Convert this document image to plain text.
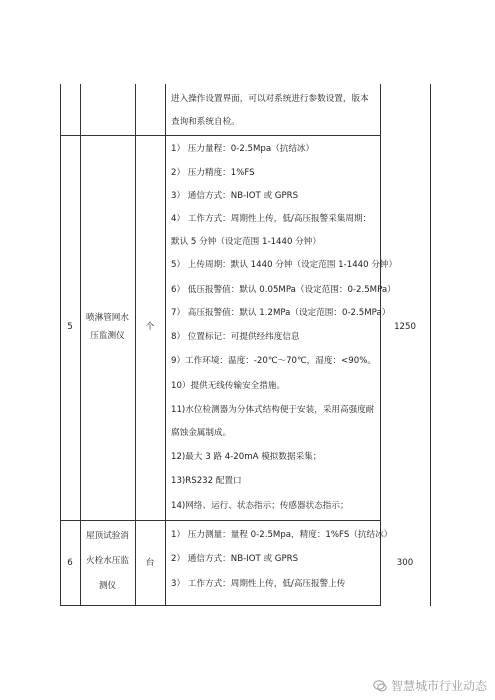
进入操作设置界面，可以对系统进行参数设置，版本
查询和系统自检。
5
喷淋管网水
压监测仪
个	1250
1） 压力量程：0-2.5Mpa（抗结冰）
2） 压力精度：1%FS
3） 通信方式：NB-IOT 或 GPRS
4） 工作方式：周期性上传，低/高压报警采集周期：
默认 5 分钟（设定范围 1-1440 分钟）
5） 上传周期：默认 1440 分钟（设定范围 1-1440 分钟）
6） 低压报警值：默认 0.05MPa（设定范围：0-2.5MPa）
7） 高压报警值：默认 1.2MPa（设定范围：0-2.5MPa）
8） 位置标记：可提供经纬度信息
9）工作环境：温度：-20℃～70℃，湿度：<90%。
10）提供无线传输安全措施。
11)水位检测器为分体式结构便于安装，采用高强度耐
腐蚀金属制成。
12)最大 3 路 4-20mA 模拟数据采集；
13)RS232 配置口
14)网络、运行、状态指示；传感器状态指示；
6
屋顶试验消
火栓水压监
测仪
台	300
1） 压力测量：量程 0-2.5Mpa，精度：1%FS（抗结冰）
2） 通信方式：NB-IOT 或 GPRS
3） 工作方式：周期性上传，低/高压报警上传
智慧城市行业动态
